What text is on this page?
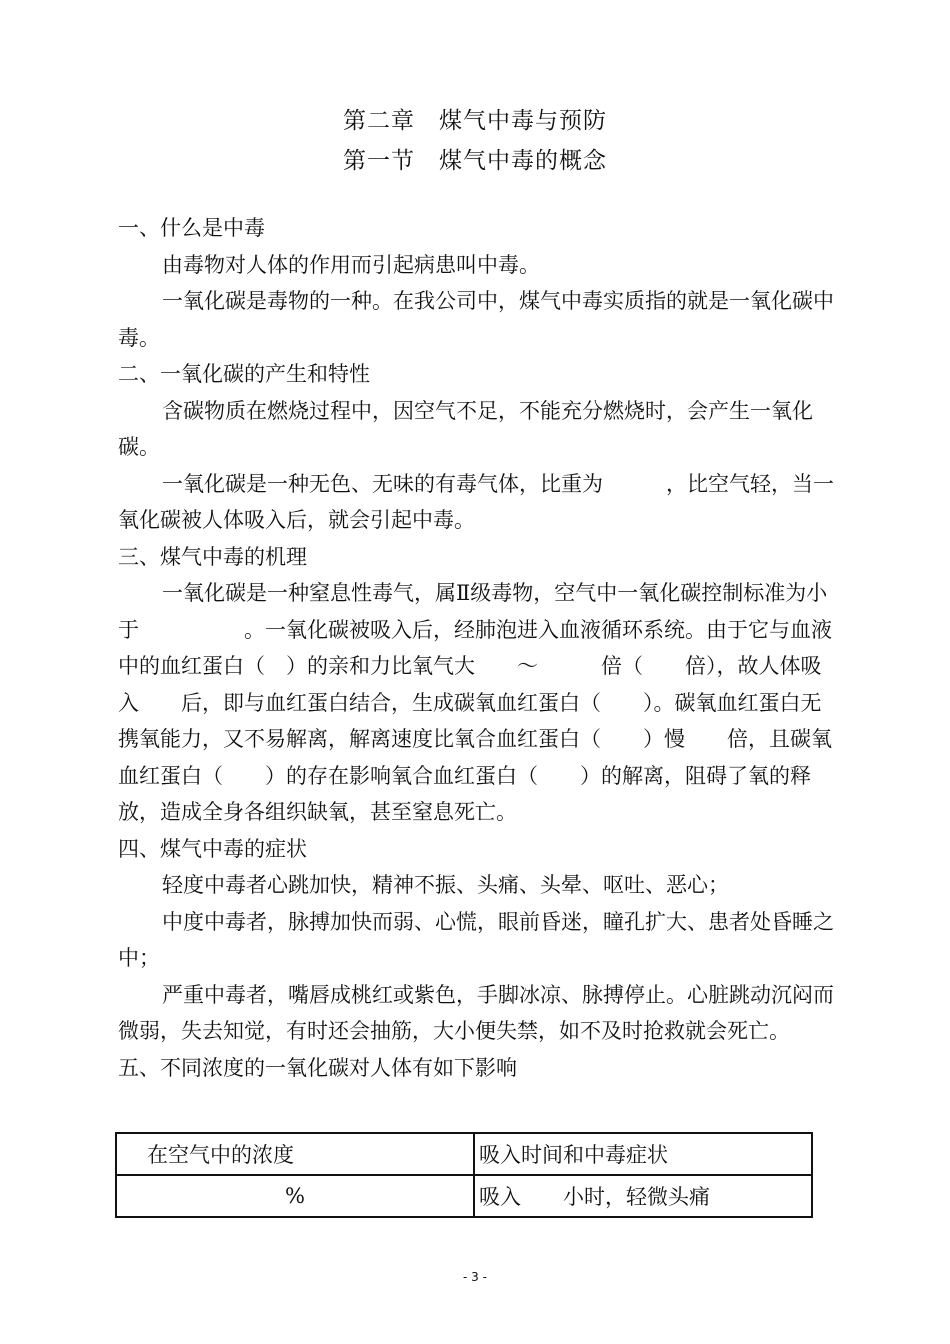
第二章　煤气中毒与预防
第一节　煤气中毒的概念

一、什么是中毒

由毒物对人体的作用而引起病患叫中毒。

一氧化碳是毒物的一种。在我公司中，煤气中毒实质指的就是一氧化碳中毒。

二、一氧化碳的产生和特性

含碳物质在燃烧过程中，因空气不足，不能充分燃烧时，会产生一氧化碳。

一氧化碳是一种无色、无味的有毒气体，比重为　　　，比空气轻，当一氧化碳被人体吸入后，就会引起中毒。

三、煤气中毒的机理

一氧化碳是一种窒息性毒气，属Ⅱ级毒物，空气中一氧化碳控制标准为小于　　　　　。一氧化碳被吸入后，经肺泡进入血液循环系统。由于它与血液中的血红蛋白（　）的亲和力比氧气大　　～　　　倍（　　倍），故人体吸入　　后，即与血红蛋白结合，生成碳氧血红蛋白（　　）。碳氧血红蛋白无携氧能力，又不易解离，解离速度比氧合血红蛋白（　　）慢　　倍，且碳氧血红蛋白（　　）的存在影响氧合血红蛋白（　　）的解离，阻碍了氧的释放，造成全身各组织缺氧，甚至窒息死亡。

四、煤气中毒的症状

轻度中毒者心跳加快，精神不振、头痛、头晕、呕吐、恶心；

中度中毒者，脉搏加快而弱、心慌，眼前昏迷，瞳孔扩大、患者处昏睡之中；

严重中毒者，嘴唇成桃红或紫色，手脚冰凉、脉搏停止。心脏跳动沉闷而微弱，失去知觉，有时还会抽筋，大小便失禁，如不及时抢救就会死亡。

五、不同浓度的一氧化碳对人体有如下影响

在空气中的浓度	吸入时间和中毒症状
%	吸入　　小时，轻微头痛
- 3 -
